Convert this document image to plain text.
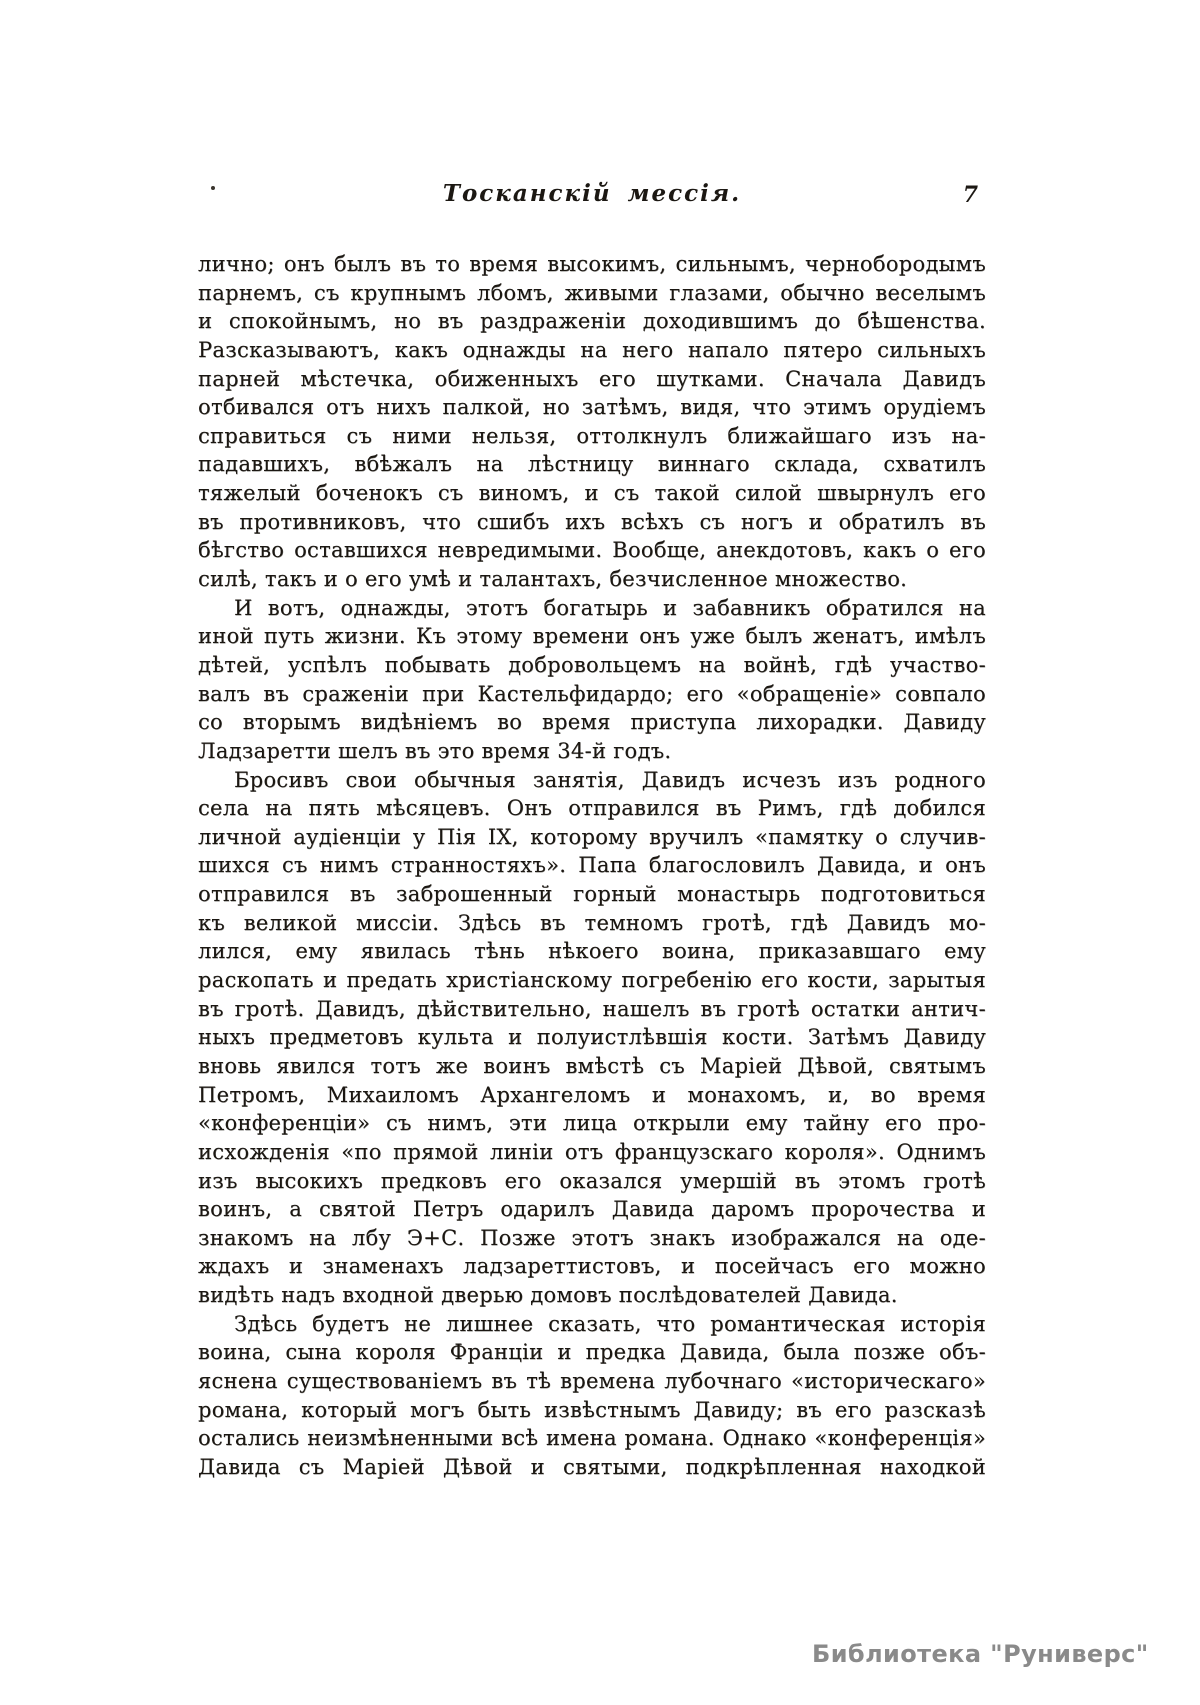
Тосканскій мессія.	7
лично; онъ былъ въ то время высокимъ, сильнымъ, чернобородымъ
парнемъ, съ крупнымъ лбомъ, живыми глазами, обычно веселымъ
и спокойнымъ, но въ раздраженіи доходившимъ до бѣшенства.
Разсказываютъ, какъ однажды на него напало пятеро сильныхъ
парней мѣстечка, обиженныхъ его шутками. Сначала Давидъ
отбивался отъ нихъ палкой, но затѣмъ, видя, что этимъ орудіемъ
справиться съ ними нельзя, оттолкнулъ ближайшаго изъ на-
падавшихъ, вбѣжалъ на лѣстницу виннаго склада, схватилъ
тяжелый боченокъ съ виномъ, и съ такой силой швырнулъ его
въ противниковъ, что сшибъ ихъ всѣхъ съ ногъ и обратилъ въ
бѣгство оставшихся невредимыми. Вообще, анекдотовъ, какъ о его
силѣ, такъ и о его умѣ и талантахъ, безчисленное множество.
И вотъ, однажды, этотъ богатырь и забавникъ обратился на
иной путь жизни. Къ этому времени онъ уже былъ женатъ, имѣлъ
дѣтей, успѣлъ побывать добровольцемъ на войнѣ, гдѣ участво-
валъ въ сраженіи при Кастельфидардо; его «обращеніе» совпало
со вторымъ видѣніемъ во время приступа лихорадки. Давиду
Ладзаретти шелъ въ это время 34-й годъ.
Бросивъ свои обычныя занятія, Давидъ исчезъ изъ родного
села на пять мѣсяцевъ. Онъ отправился въ Римъ, гдѣ добился
личной аудіенціи у Пія IX, которому вручилъ «памятку о случив-
шихся съ нимъ странностяхъ». Папа благословилъ Давида, и онъ
отправился въ заброшенный горный монастырь подготовиться
къ великой миссіи. Здѣсь въ темномъ гротѣ, гдѣ Давидъ мо-
лился, ему явилась тѣнь нѣкоего воина, приказавшаго ему
раскопать и предать христіанскому погребенію его кости, зарытыя
въ гротѣ. Давидъ, дѣйствительно, нашелъ въ гротѣ остатки антич-
ныхъ предметовъ культа и полуистлѣвшія кости. Затѣмъ Давиду
вновь явился тотъ же воинъ вмѣстѣ съ Маріей Дѣвой, святымъ
Петромъ, Михаиломъ Архангеломъ и монахомъ, и, во время
«конференціи» съ нимъ, эти лица открыли ему тайну его про-
исхожденія «по прямой линіи отъ французскаго короля». Однимъ
изъ высокихъ предковъ его оказался умершій въ этомъ гротѣ
воинъ, а святой Петръ одарилъ Давида даромъ пророчества и
знакомъ на лбу Э+С. Позже этотъ знакъ изображался на оде-
ждахъ и знаменахъ ладзареттистовъ, и посейчасъ его можно
видѣть надъ входной дверью домовъ послѣдователей Давида.
Здѣсь будетъ не лишнее сказать, что романтическая исторія
воина, сына короля Франціи и предка Давида, была позже объ-
яснена существованіемъ въ тѣ времена лубочнаго «историческаго»
романа, который могъ быть извѣстнымъ Давиду; въ его разсказѣ
остались неизмѣненными всѣ имена романа. Однако «конференція»
Давида съ Маріей Дѣвой и святыми, подкрѣпленная находкой
Библиотека "Руниверс"
